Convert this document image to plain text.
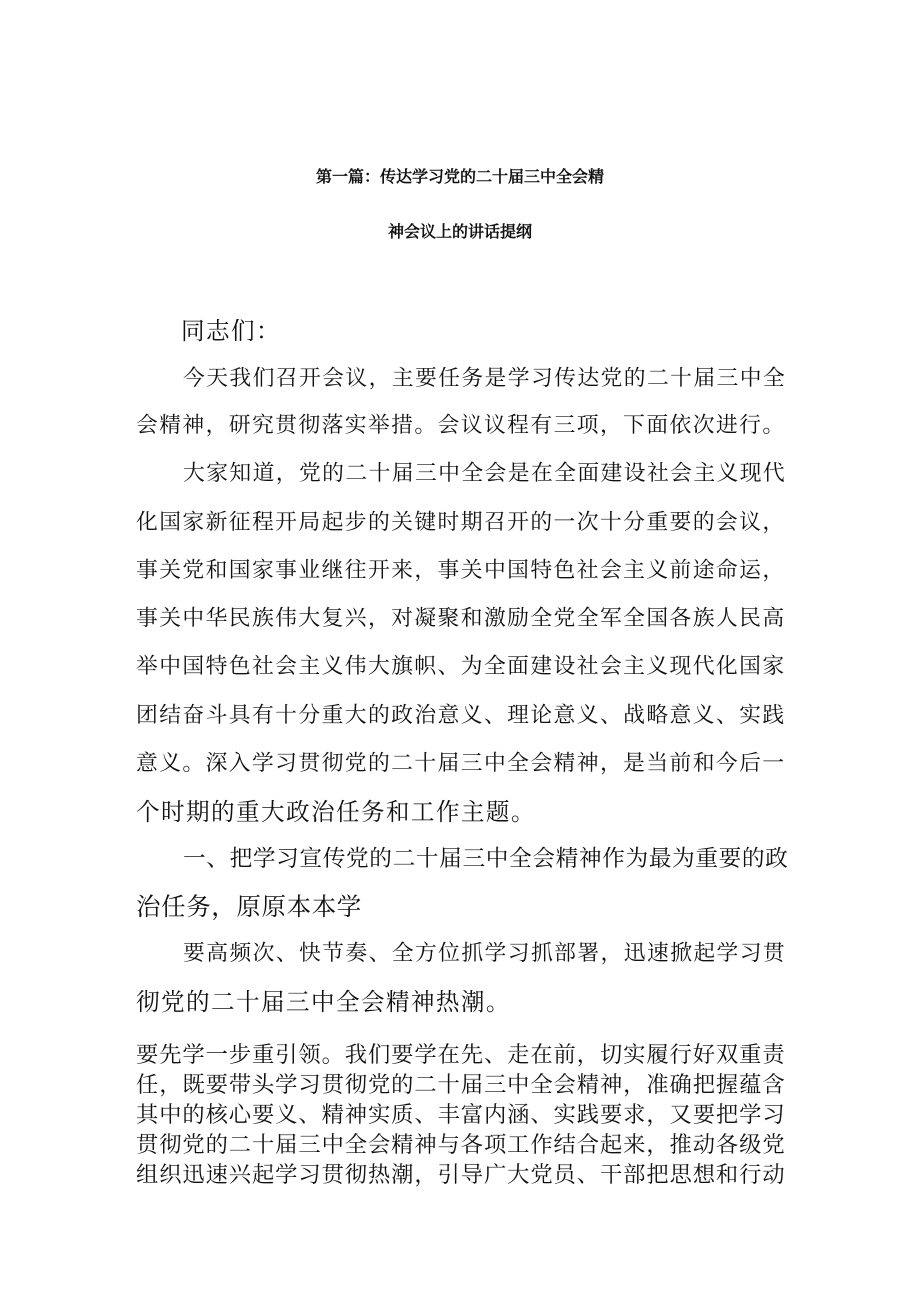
第一篇：传达学习党的二十届三中全会精
神会议上的讲话提纲
同志们：
今天我们召开会议，主要任务是学习传达党的二十届三中全
会精神，研究贯彻落实举措。会议议程有三项，下面依次进行。
大家知道，党的二十届三中全会是在全面建设社会主义现代
化国家新征程开局起步的关键时期召开的一次十分重要的会议，
事关党和国家事业继往开来，事关中国特色社会主义前途命运，
事关中华民族伟大复兴，对凝聚和激励全党全军全国各族人民高
举中国特色社会主义伟大旗帜、为全面建设社会主义现代化国家
团结奋斗具有十分重大的政治意义、理论意义、战略意义、实践
意义。深入学习贯彻党的二十届三中全会精神，是当前和今后一
个时期的重大政治任务和工作主题。
一、把学习宣传党的二十届三中全会精神作为最为重要的政
治任务，原原本本学
要高频次、快节奏、全方位抓学习抓部署，迅速掀起学习贯
彻党的二十届三中全会精神热潮。
要先学一步重引领。我们要学在先、走在前，切实履行好双重责
任，既要带头学习贯彻党的二十届三中全会精神，准确把握蕴含
其中的核心要义、精神实质、丰富内涵、实践要求，又要把学习
贯彻党的二十届三中全会精神与各项工作结合起来，推动各级党
组织迅速兴起学习贯彻热潮，引导广大党员、干部把思想和行动
